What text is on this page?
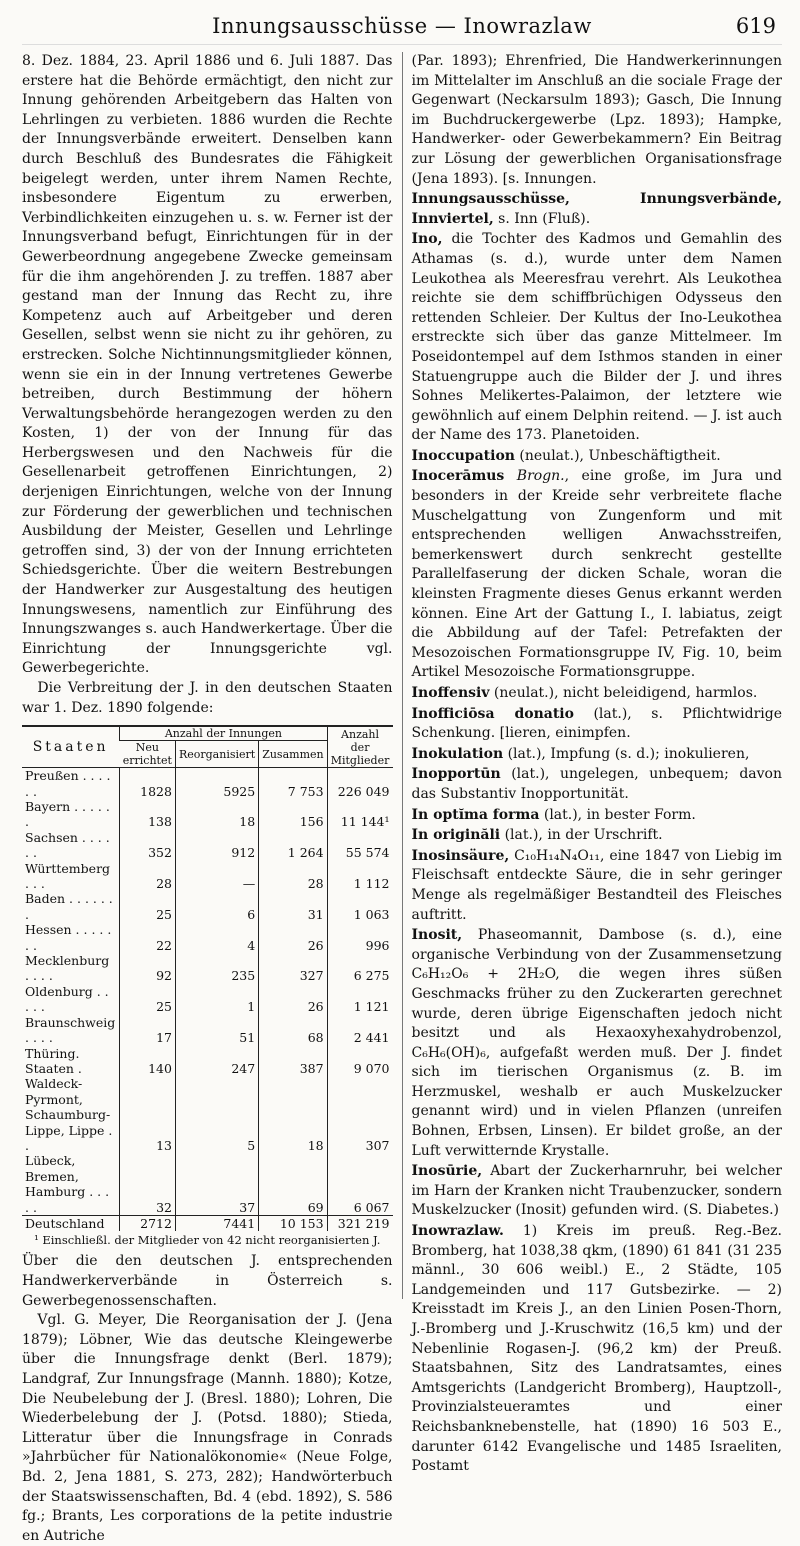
Innungsausschüsse — Inowrazlaw	619

8. Dez. 1884, 23. April 1886 und 6. Juli 1887. Das erstere hat die Behörde ermächtigt, den nicht zur Innung gehörenden Arbeitgebern das Halten von Lehrlingen zu verbieten. 1886 wurden die Rechte der Innungsverbände erweitert. Denselben kann durch Beschluß des Bundesrates die Fähigkeit beigelegt werden, unter ihrem Namen Rechte, insbesondere Eigentum zu erwerben, Verbindlichkeiten einzugehen u. s. w. Ferner ist der Innungsverband befugt, Einrichtungen für in der Gewerbeordnung angegebene Zwecke gemeinsam für die ihm angehörenden J. zu treffen. 1887 aber gestand man der Innung das Recht zu, ihre Kompetenz auch auf Arbeitgeber und deren Gesellen, selbst wenn sie nicht zu ihr gehören, zu erstrecken. Solche Nichtinnungsmitglieder können, wenn sie ein in der Innung vertretenes Gewerbe betreiben, durch Bestimmung der höhern Verwaltungsbehörde herangezogen werden zu den Kosten, 1) der von der Innung für das Herbergswesen und den Nachweis für die Gesellenarbeit getroffenen Einrichtungen, 2) derjenigen Einrichtungen, welche von der Innung zur Förderung der gewerblichen und technischen Ausbildung der Meister, Gesellen und Lehrlinge getroffen sind, 3) der von der Innung errichteten Schiedsgerichte. Über die weitern Bestrebungen der Handwerker zur Ausgestaltung des heutigen Innungswesens, namentlich zur Einführung des Innungszwanges s. auch Handwerkertage. Über die Einrichtung der Innungsgerichte vgl. Gewerbegerichte.

Die Verbreitung der J. in den deutschen Staaten war 1. Dez. 1890 folgende:

Staaten	Anzahl der Innungen			Anzahl der Mitglieder
	Neu errichtet	Reorganisiert	Zusammen	
Preußen . . . . . .	1828	5925	7 753	226 049
Bayern . . . . . .	138	18	156	11 144¹
Sachsen . . . . . .	352	912	1 264	55 574
Württemberg . . .	28	—	28	1 112
Baden . . . . . . .	25	6	31	1 063
Hessen . . . . . . .	22	4	26	996
Mecklenburg . . . .	92	235	327	6 275
Oldenburg . . . . .	25	1	26	1 121
Braunschweig . . . .	17	51	68	2 441
Thüring. Staaten .	140	247	387	9 070
Waldeck-Pyrmont, Schaumburg-Lippe, Lippe . .	13	5	18	307
Lübeck, Bremen, Hamburg . . . . .	32	37	69	6 067
Deutschland	2712	7441	10 153	321 219
¹ Einschließl. der Mitglieder von 42 nicht reorganisierten J.

Über die den deutschen J. entsprechenden Handwerkerverbände in Österreich s. Gewerbegenossenschaften.

Vgl. G. Meyer, Die Reorganisation der J. (Jena 1879); Löbner, Wie das deutsche Kleingewerbe über die Innungsfrage denkt (Berl. 1879); Landgraf, Zur Innungsfrage (Mannh. 1880); Kotze, Die Neubelebung der J. (Bresl. 1880); Lohren, Die Wiederbelebung der J. (Potsd. 1880); Stieda, Litteratur über die Innungsfrage in Conrads »Jahrbücher für Nationalökonomie« (Neue Folge, Bd. 2, Jena 1881, S. 273, 282); Handwörterbuch der Staatswissenschaften, Bd. 4 (ebd. 1892), S. 586 fg.; Brants, Les corporations de la petite industrie en Autriche

(Par. 1893); Ehrenfried, Die Handwerkerinnungen im Mittelalter im Anschluß an die sociale Frage der Gegenwart (Neckarsulm 1893); Gasch, Die Innung im Buchdruckergewerbe (Lpz. 1893); Hampke, Handwerker- oder Gewerbekammern? Ein Beitrag zur Lösung der gewerblichen Organisationsfrage (Jena 1893). [s. Innungen.

Innungsausschüsse, Innungsverbände, Innviertel, s. Inn (Fluß).

Ino, die Tochter des Kadmos und Gemahlin des Athamas (s. d.), wurde unter dem Namen Leukothea als Meeresfrau verehrt. Als Leukothea reichte sie dem schiffbrüchigen Odysseus den rettenden Schleier. Der Kultus der Ino-Leukothea erstreckte sich über das ganze Mittelmeer. Im Poseidontempel auf dem Isthmos standen in einer Statuengruppe auch die Bilder der J. und ihres Sohnes Melikertes-Palaimon, der letztere wie gewöhnlich auf einem Delphin reitend. — J. ist auch der Name des 173. Planetoiden.

Inoccupation (neulat.), Unbeschäftigtheit.

Inocerāmus Brogn., eine große, im Jura und besonders in der Kreide sehr verbreitete flache Muschelgattung von Zungenform und mit entsprechenden welligen Anwachsstreifen, bemerkenswert durch senkrecht gestellte Parallelfaserung der dicken Schale, woran die kleinsten Fragmente dieses Genus erkannt werden können. Eine Art der Gattung I., I. labiatus, zeigt die Abbildung auf der Tafel: Petrefakten der Mesozoischen Formationsgruppe IV, Fig. 10, beim Artikel Mesozoische Formationsgruppe.

Inoffensiv (neulat.), nicht beleidigend, harmlos.

Inofficiōsa donatio (lat.), s. Pflichtwidrige Schenkung. [lieren, einimpfen.

Inokulation (lat.), Impfung (s. d.); inokulieren,

Inopportūn (lat.), ungelegen, unbequem; davon das Substantiv Inopportunität.

In optĭma forma (lat.), in bester Form.

In originăli (lat.), in der Urschrift.

Inosinsäure, C₁₀H₁₄N₄O₁₁, eine 1847 von Liebig im Fleischsaft entdeckte Säure, die in sehr geringer Menge als regelmäßiger Bestandteil des Fleisches auftritt.

Inosit, Phaseomannit, Dambose (s. d.), eine organische Verbindung von der Zusammensetzung C₆H₁₂O₆ + 2H₂O, die wegen ihres süßen Geschmacks früher zu den Zuckerarten gerechnet wurde, deren übrige Eigenschaften jedoch nicht besitzt und als Hexaoxyhexahydrobenzol, C₆H₆(OH)₆, aufgefaßt werden muß. Der J. findet sich im tierischen Organismus (z. B. im Herzmuskel, weshalb er auch Muskelzucker genannt wird) und in vielen Pflanzen (unreifen Bohnen, Erbsen, Linsen). Er bildet große, an der Luft verwitternde Krystalle.

Inosūrie, Abart der Zuckerharnruhr, bei welcher im Harn der Kranken nicht Traubenzucker, sondern Muskelzucker (Inosit) gefunden wird. (S. Diabetes.)

Inowrazlaw. 1) Kreis im preuß. Reg.-Bez. Bromberg, hat 1038,38 qkm, (1890) 61 841 (31 235 männl., 30 606 weibl.) E., 2 Städte, 105 Landgemeinden und 117 Gutsbezirke. — 2) Kreisstadt im Kreis J., an den Linien Posen-Thorn, J.-Bromberg und J.-Kruschwitz (16,5 km) und der Nebenlinie Rogasen-J. (96,2 km) der Preuß. Staatsbahnen, Sitz des Landratsamtes, eines Amtsgerichts (Landgericht Bromberg), Hauptzoll-, Provinzialsteueramtes und einer Reichsbanknebenstelle, hat (1890) 16 503 E., darunter 6142 Evangelische und 1485 Israeliten, Postamt
